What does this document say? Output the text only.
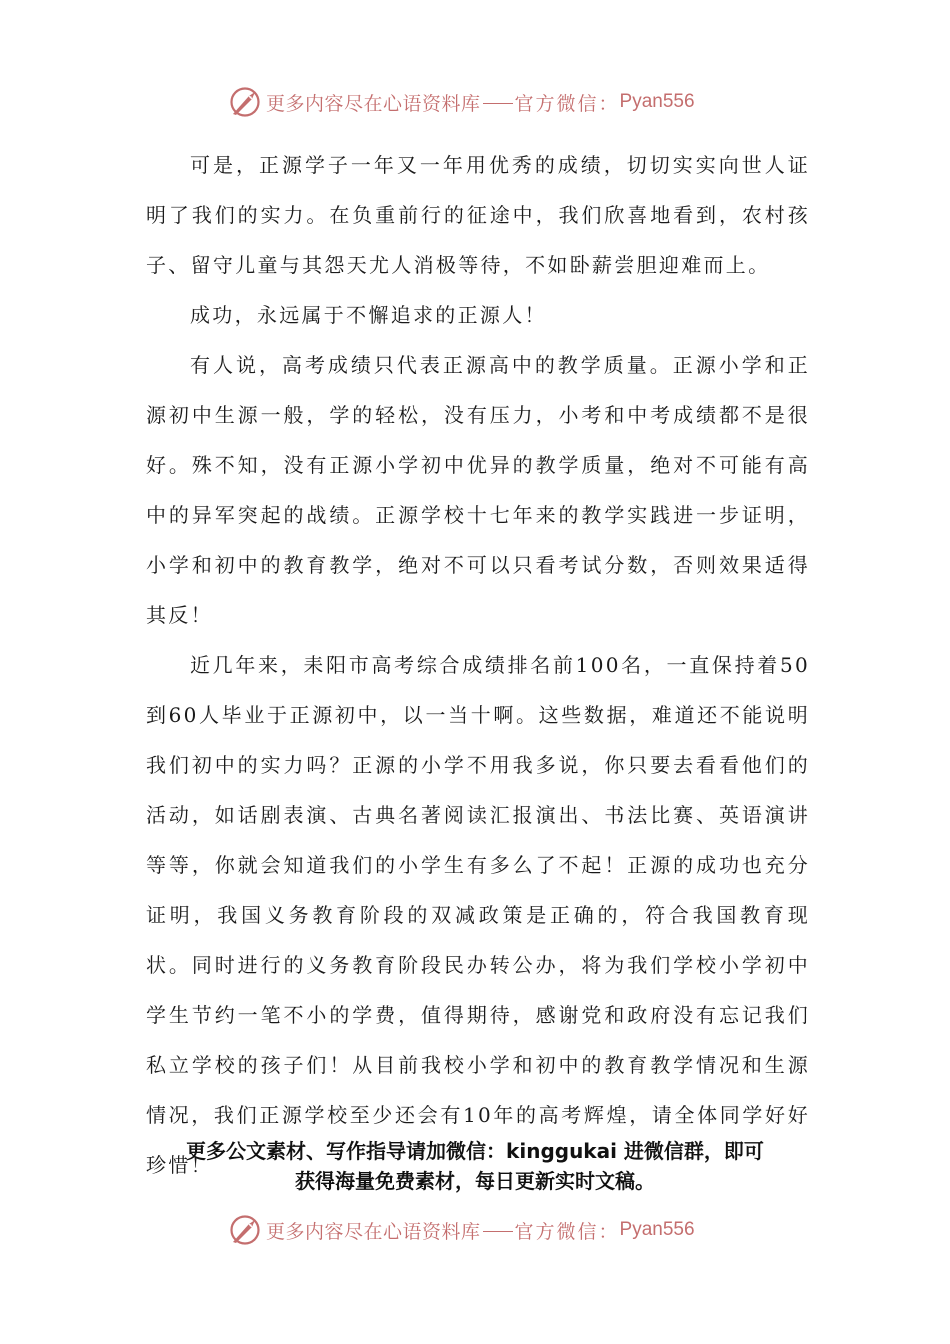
更多内容尽在心语资料库 官方微信： Pyan556

可是，正源学子一年又一年用优秀的成绩，切切实实向世人证明了我们的实力。在负重前行的征途中，我们欣喜地看到，农村孩子、留守儿童与其怨天尤人消极等待，不如卧薪尝胆迎难而上。

成功，永远属于不懈追求的正源人！

有人说，高考成绩只代表正源高中的教学质量。正源小学和正源初中生源一般，学的轻松，没有压力，小考和中考成绩都不是很好。殊不知，没有正源小学初中优异的教学质量，绝对不可能有高中的异军突起的战绩。正源学校十七年来的教学实践进一步证明，小学和初中的教育教学，绝对不可以只看考试分数，否则效果适得其反！

近几年来，耒阳市高考综合成绩排名前100名，一直保持着50到60人毕业于正源初中，以一当十啊。这些数据，难道还不能说明我们初中的实力吗？正源的小学不用我多说，你只要去看看他们的活动，如话剧表演、古典名著阅读汇报演出、书法比赛、英语演讲等等，你就会知道我们的小学生有多么了不起！正源的成功也充分证明，我国义务教育阶段的双减政策是正确的，符合我国教育现状。同时进行的义务教育阶段民办转公办，将为我们学校小学初中学生节约一笔不小的学费，值得期待，感谢党和政府没有忘记我们私立学校的孩子们！从目前我校小学和初中的教育教学情况和生源情况，我们正源学校至少还会有10年的高考辉煌，请全体同学好好珍惜！

更多公文素材、写作指导请加微信：kinggukai 进微信群，即可
获得海量免费素材，每日更新实时文稿。
更多内容尽在心语资料库 官方微信： Pyan556
